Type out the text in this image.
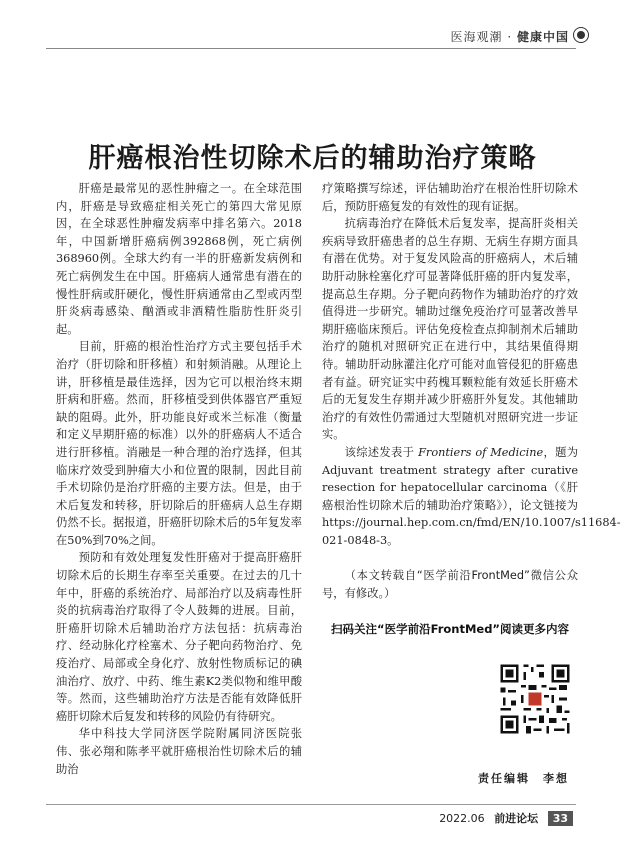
医海观潮 · 健康中国
肝癌根治性切除术后的辅助治疗策略

肝癌是最常见的恶性肿瘤之一。在全球范围内，肝癌是导致癌症相关死亡的第四大常见原因，在全球恶性肿瘤发病率中排名第六。2018年，中国新增肝癌病例392868例，死亡病例368960例。全球大约有一半的肝癌新发病例和死亡病例发生在中国。肝癌病人通常患有潜在的慢性肝病或肝硬化，慢性肝病通常由乙型或丙型肝炎病毒感染、酗酒或非酒精性脂肪性肝炎引起。

目前，肝癌的根治性治疗方式主要包括手术治疗（肝切除和肝移植）和射频消融。从理论上讲，肝移植是最佳选择，因为它可以根治终末期肝病和肝癌。然而，肝移植受到供体器官严重短缺的阻碍。此外，肝功能良好或米兰标准（衡量和定义早期肝癌的标准）以外的肝癌病人不适合进行肝移植。消融是一种合理的治疗选择，但其临床疗效受到肿瘤大小和位置的限制，因此目前手术切除仍是治疗肝癌的主要方法。但是，由于术后复发和转移，肝切除后的肝癌病人总生存期仍然不长。据报道，肝癌肝切除术后的5年复发率在50%到70%之间。

预防和有效处理复发性肝癌对于提高肝癌肝切除术后的长期生存率至关重要。在过去的几十年中，肝癌的系统治疗、局部治疗以及病毒性肝炎的抗病毒治疗取得了令人鼓舞的进展。目前，肝癌肝切除术后辅助治疗方法包括：抗病毒治疗、经动脉化疗栓塞术、分子靶向药物治疗、免疫治疗、局部或全身化疗、放射性物质标记的碘油治疗、放疗、中药、维生素K2类似物和维甲酸等。然而，这些辅助治疗方法是否能有效降低肝癌肝切除术后复发和转移的风险仍有待研究。

华中科技大学同济医学院附属同济医院张伟、张必翔和陈孝平就肝癌根治性切除术后的辅助治

疗策略撰写综述，评估辅助治疗在根治性肝切除术后，预防肝癌复发的有效性的现有证据。

抗病毒治疗在降低术后复发率，提高肝炎相关疾病导致肝癌患者的总生存期、无病生存期方面具有潜在优势。对于复发风险高的肝癌病人，术后辅助肝动脉栓塞化疗可显著降低肝癌的肝内复发率，提高总生存期。分子靶向药物作为辅助治疗的疗效值得进一步研究。辅助过继免疫治疗可显著改善早期肝癌临床预后。评估免疫检查点抑制剂术后辅助治疗的随机对照研究正在进行中，其结果值得期待。辅助肝动脉灌注化疗可能对血管侵犯的肝癌患者有益。研究证实中药槐耳颗粒能有效延长肝癌术后的无复发生存期并减少肝癌肝外复发。其他辅助治疗的有效性仍需通过大型随机对照研究进一步证实。

该综述发表于 Frontiers of Medicine，题为Adjuvant treatment strategy after curative resection for hepatocellular carcinoma（《肝癌根治性切除术后的辅助治疗策略》），论文链接为https://journal.hep.com.cn/fmd/EN/10.1007/s11684-021-0848-3。

（本文转载自“医学前沿FrontMed”微信公众号，有修改。）

扫码关注“医学前沿FrontMed”阅读更多内容
责任编辑　李想
2022.06 前进论坛 33
